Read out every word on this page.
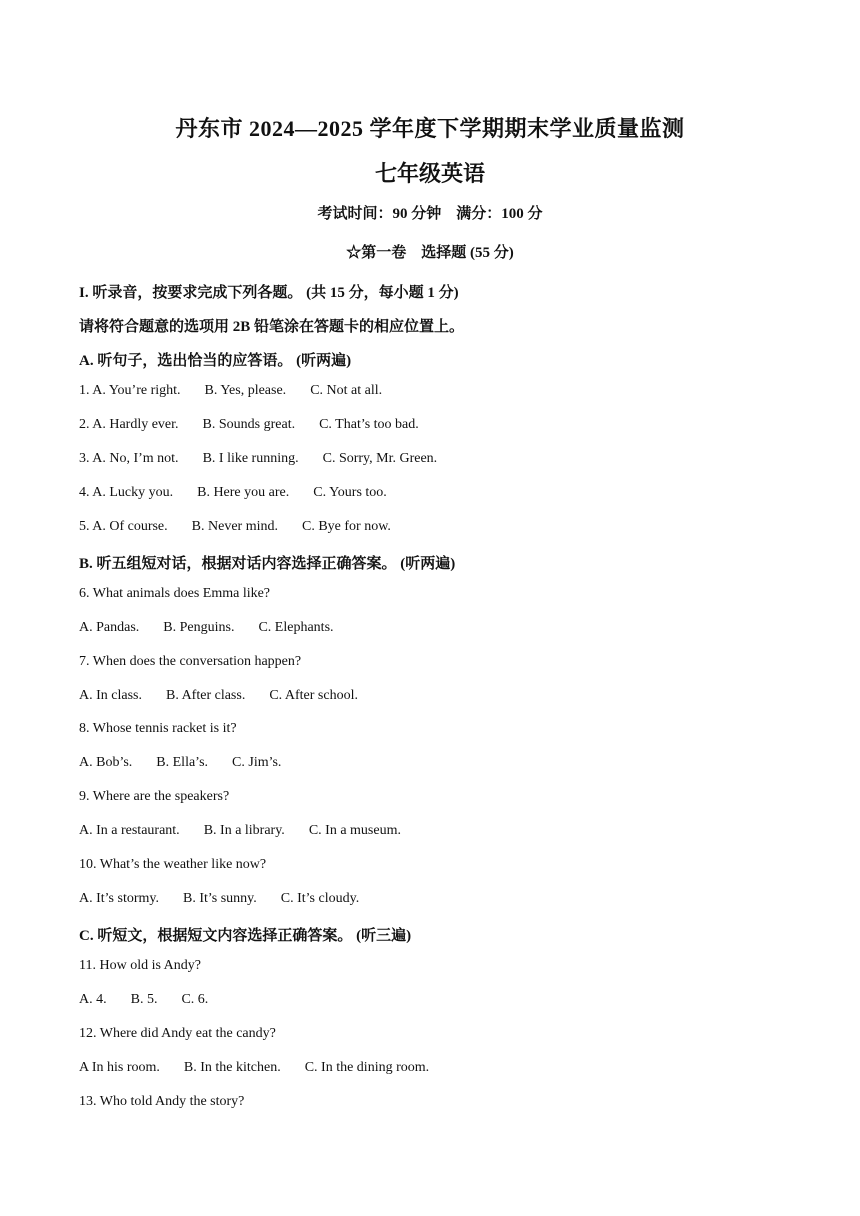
丹东市 2024—2025 学年度下学期期末学业质量监测
七年级英语
考试时间：90 分钟　满分：100 分
☆第一卷　选择题 (55 分)
I. 听录音，按要求完成下列各题。 (共 15 分，每小题 1 分)
请将符合题意的选项用 2B 铅笔涂在答题卡的相应位置上。
A. 听句子，选出恰当的应答语。 (听两遍)
1. A. You’re right. B. Yes, please. C. Not at all.
2. A. Hardly ever. B. Sounds great. C. That’s too bad.
3. A. No, I’m not. B. I like running. C. Sorry, Mr. Green.
4. A. Lucky you. B. Here you are. C. Yours too.
5. A. Of course. B. Never mind. C. Bye for now.
B. 听五组短对话，根据对话内容选择正确答案。 (听两遍)
6. What animals does Emma like?
A. Pandas. B. Penguins. C. Elephants.
7. When does the conversation happen?
A. In class. B. After class. C. After school.
8. Whose tennis racket is it?
A. Bob’s. B. Ella’s. C. Jim’s.
9. Where are the speakers?
A. In a restaurant. B. In a library. C. In a museum.
10. What’s the weather like now?
A. It’s stormy. B. It’s sunny. C. It’s cloudy.
C. 听短文，根据短文内容选择正确答案。 (听三遍)
11. How old is Andy?
A. 4. B. 5. C. 6.
12. Where did Andy eat the candy?
A In his room. B. In the kitchen. C. In the dining room.
13. Who told Andy the story?
